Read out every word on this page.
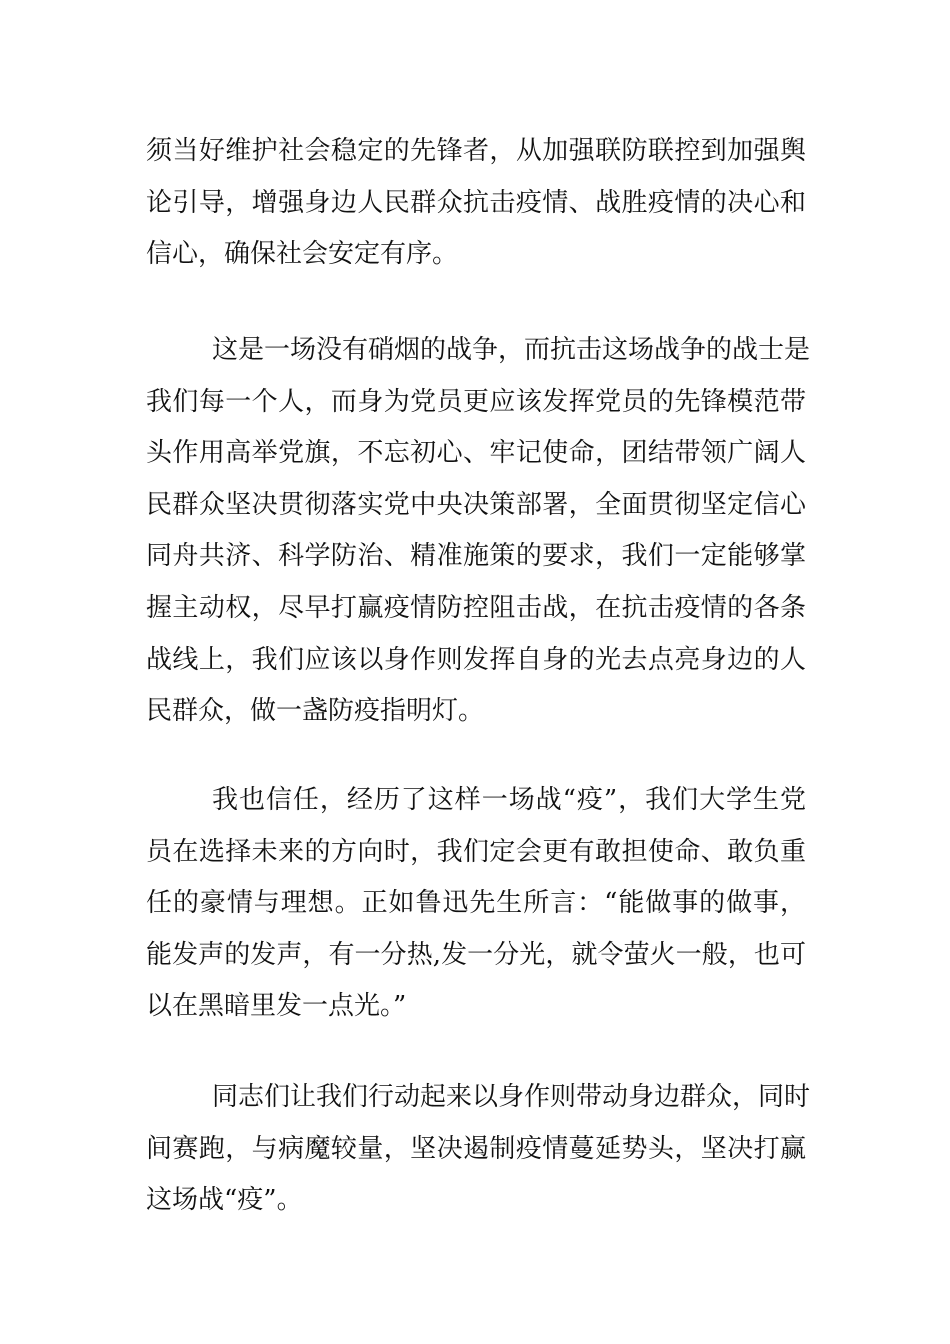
须当好维护社会稳定的先锋者，从加强联防联控到加强舆
论引导，增强身边人民群众抗击疫情、战胜疫情的决心和
信心，确保社会安定有序。
这是一场没有硝烟的战争，而抗击这场战争的战士是
我们每一个人，而身为党员更应该发挥党员的先锋模范带
头作用高举党旗，不忘初心、牢记使命，团结带领广阔人
民群众坚决贯彻落实党中央决策部署，全面贯彻坚定信心
同舟共济、科学防治、精准施策的要求，我们一定能够掌
握主动权，尽早打赢疫情防控阻击战，在抗击疫情的各条
战线上，我们应该以身作则发挥自身的光去点亮身边的人
民群众，做一盏防疫指明灯。
我也信任，经历了这样一场战“疫”，我们大学生党
员在选择未来的方向时，我们定会更有敢担使命、敢负重
任的豪情与理想。正如鲁迅先生所言：“能做事的做事，
能发声的发声，有一分热,发一分光，就令萤火一般，也可
以在黑暗里发一点光。”
同志们让我们行动起来以身作则带动身边群众，同时
间赛跑，与病魔较量，坚决遏制疫情蔓延势头，坚决打赢
这场战“疫”。
